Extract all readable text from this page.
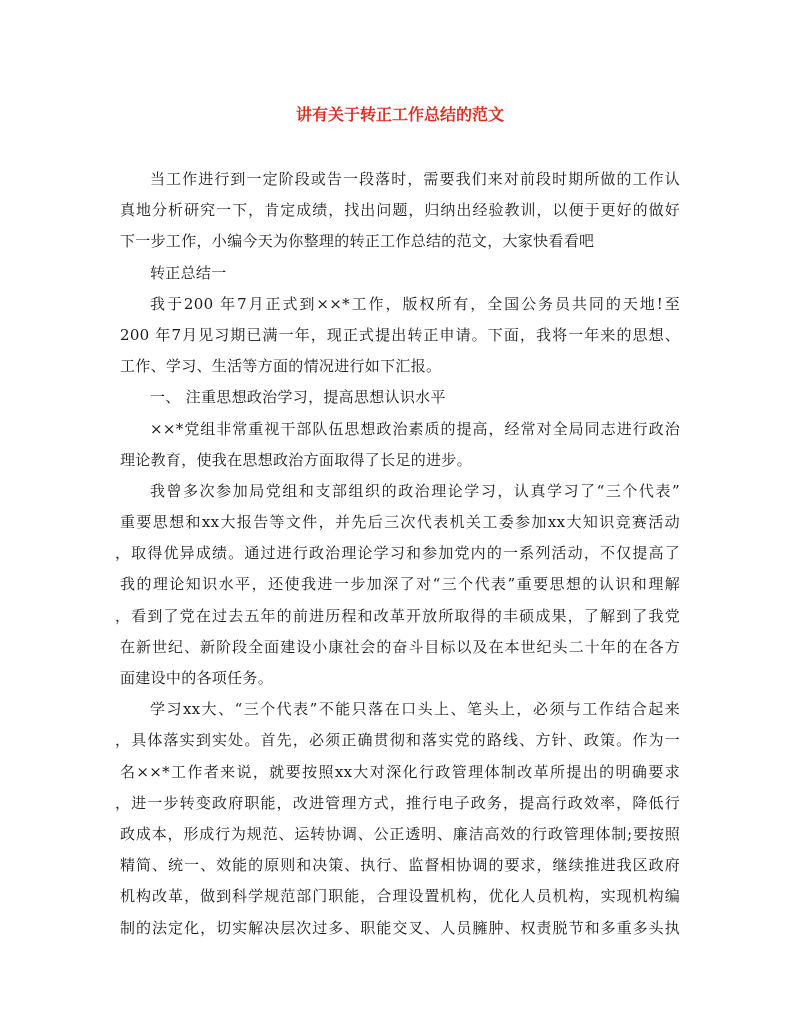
讲有关于转正工作总结的范文
当工作进行到一定阶段或告一段落时，需要我们来对前段时期所做的工作认
真地分析研究一下，肯定成绩，找出问题，归纳出经验教训，以便于更好的做好
下一步工作，小编今天为你整理的转正工作总结的范文，大家快看看吧
转正总结一
我于200 年7月正式到××*工作，版权所有，全国公务员共同的天地!至
200 年7月见习期已满一年，现正式提出转正申请。下面，我将一年来的思想、
工作、学习、生活等方面的情况进行如下汇报。
一、 注重思想政治学习，提高思想认识水平
××*党组非常重视干部队伍思想政治素质的提高，经常对全局同志进行政治
理论教育，使我在思想政治方面取得了长足的进步。
我曾多次参加局党组和支部组织的政治理论学习，认真学习了“三个代表”
重要思想和xx大报告等文件，并先后三次代表机关工委参加xx大知识竞赛活动
，取得优异成绩。通过进行政治理论学习和参加党内的一系列活动，不仅提高了
我的理论知识水平，还使我进一步加深了对“三个代表”重要思想的认识和理解
，看到了党在过去五年的前进历程和改革开放所取得的丰硕成果，了解到了我党
在新世纪、新阶段全面建设小康社会的奋斗目标以及在本世纪头二十年的在各方
面建设中的各项任务。
学习xx大、“三个代表”不能只落在口头上、笔头上，必须与工作结合起来
，具体落实到实处。首先，必须正确贯彻和落实党的路线、方针、政策。作为一
名××*工作者来说，就要按照xx大对深化行政管理体制改革所提出的明确要求
，进一步转变政府职能，改进管理方式，推行电子政务，提高行政效率，降低行
政成本，形成行为规范、运转协调、公正透明、廉洁高效的行政管理体制;要按照
精简、统一、效能的原则和决策、执行、监督相协调的要求，继续推进我区政府
机构改革，做到科学规范部门职能，合理设置机构，优化人员机构，实现机构编
制的法定化，切实解决层次过多、职能交叉、人员臃肿、权责脱节和多重多头执
